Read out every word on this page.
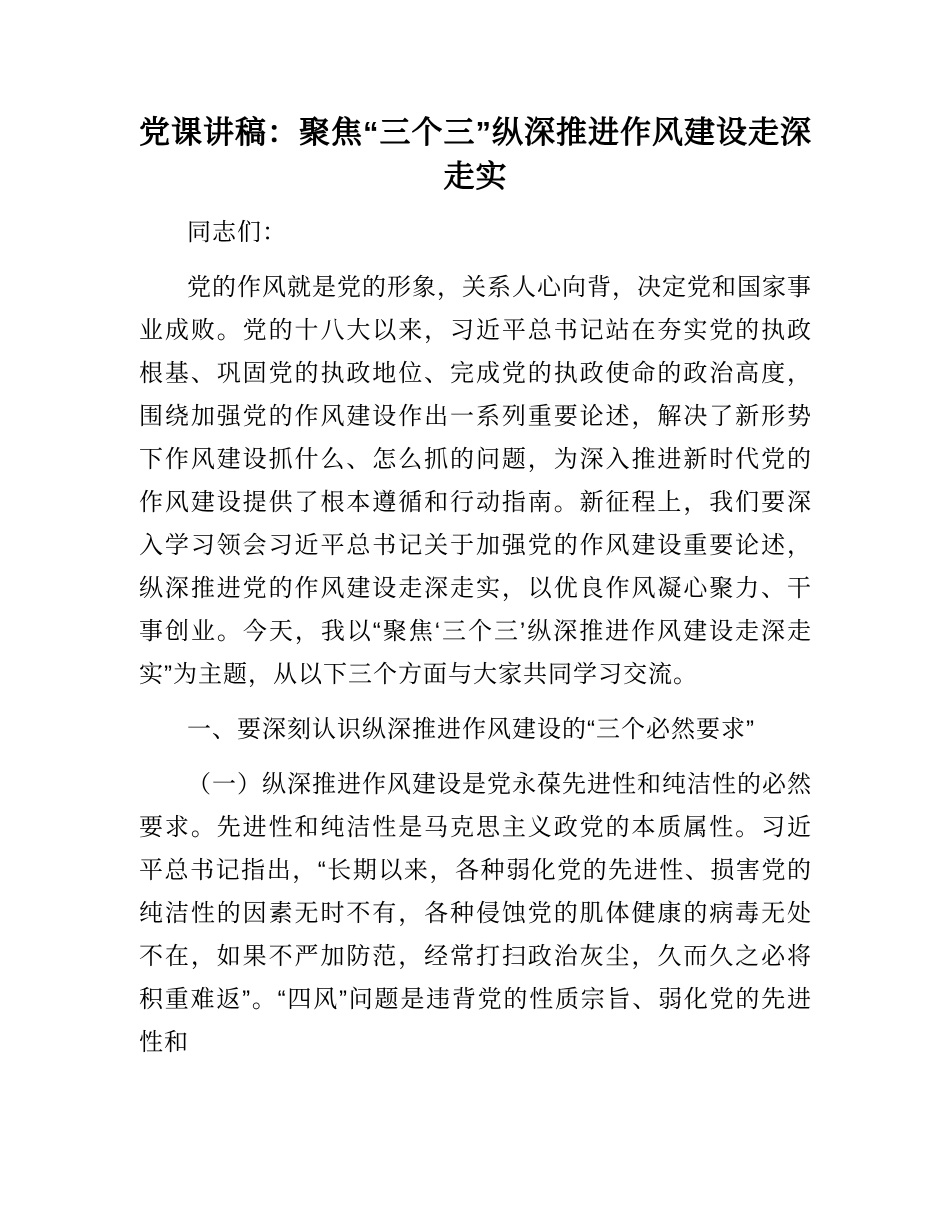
党课讲稿：聚焦“三个三”纵深推进作风建设走深走实

同志们：

党的作风就是党的形象，关系人心向背，决定党和国家事业成败。党的十八大以来，习近平总书记站在夯实党的执政根基、巩固党的执政地位、完成党的执政使命的政治高度，围绕加强党的作风建设作出一系列重要论述，解决了新形势下作风建设抓什么、怎么抓的问题，为深入推进新时代党的作风建设提供了根本遵循和行动指南。新征程上，我们要深入学习领会习近平总书记关于加强党的作风建设重要论述，纵深推进党的作风建设走深走实，以优良作风凝心聚力、干事创业。今天，我以“聚焦‘三个三’纵深推进作风建设走深走实”为主题，从以下三个方面与大家共同学习交流。

一、要深刻认识纵深推进作风建设的“三个必然要求”

（一）纵深推进作风建设是党永葆先进性和纯洁性的必然要求。先进性和纯洁性是马克思主义政党的本质属性。习近平总书记指出，“长期以来，各种弱化党的先进性、损害党的纯洁性的因素无时不有，各种侵蚀党的肌体健康的病毒无处不在，如果不严加防范，经常打扫政治灰尘，久而久之必将积重难返”。“四风”问题是违背党的性质宗旨、弱化党的先进性和
